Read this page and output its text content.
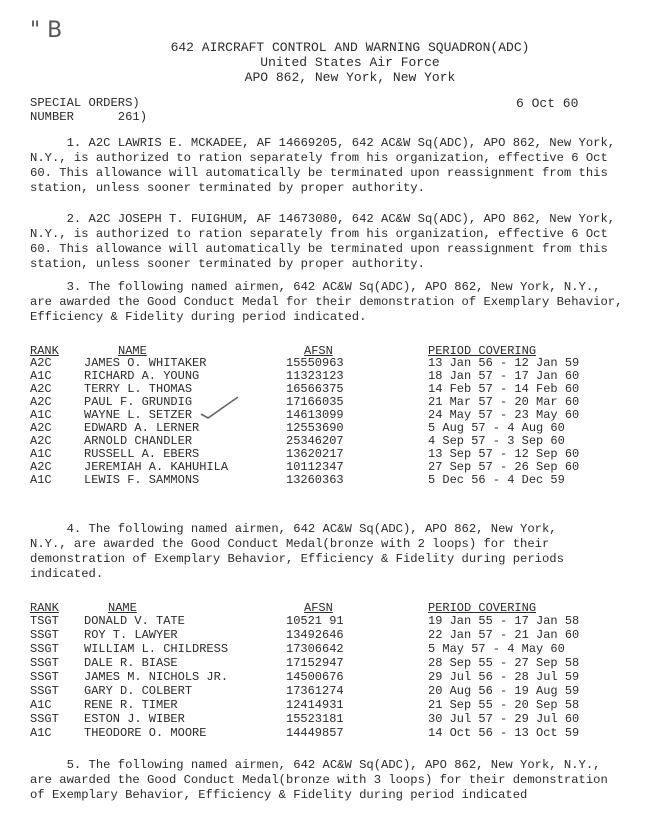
" B
642 AIRCRAFT CONTROL AND WARNING SQUADRON(ADC)
United States Air Force
APO 862, New York, New York
SPECIAL ORDERS)
NUMBER      261)
6 Oct 60
1. A2C LAWRIS E. MCKADEE, AF 14669205, 642 AC&W Sq(ADC), APO 862, New York,
N.Y., is authorized to ration separately from his organization, effective 6 Oct
60. This allowance will automatically be terminated upon reassignment from this
station, unless sooner terminated by proper authority.
2. A2C JOSEPH T. FUIGHUM, AF 14673080, 642 AC&W Sq(ADC), APO 862, New York,
N.Y., is authorized to ration separately from his organization, effective 6 Oct
60. This allowance will automatically be terminated upon reassignment from this
station, unless sooner terminated by proper authority.
3. The following named airmen, 642 AC&W Sq(ADC), APO 862, New York, N.Y.,
are awarded the Good Conduct Medal for their demonstration of Exemplary Behavior,
Efficiency & Fidelity during period indicated.
RANK	NAME	AFSN	PERIOD COVERING
A2C	JAMES O. WHITAKER	15550963	13 Jan 56 - 12 Jan 59
A1C	RICHARD A. YOUNG	11323123	18 Jan 57 - 17 Jan 60
A2C	TERRY L. THOMAS	16566375	14 Feb 57 - 14 Feb 60
A2C	PAUL F. GRUNDIG	17166035	21 Mar 57 - 20 Mar 60
A1C	WAYNE L. SETZER	14613099	24 May 57 - 23 May 60
A2C	EDWARD A. LERNER	12553690	5 Aug 57 - 4 Aug 60
A2C	ARNOLD CHANDLER	25346207	4 Sep 57 - 3 Sep 60
A1C	RUSSELL A. EBERS	13620217	13 Sep 57 - 12 Sep 60
A2C	JEREMIAH A. KAHUHILA	10112347	27 Sep 57 - 26 Sep 60
A1C	LEWIS F. SAMMONS	13260363	5 Dec 56 - 4 Dec 59
4. The following named airmen, 642 AC&W Sq(ADC), APO 862, New York,
N.Y., are awarded the Good Conduct Medal(bronze with 2 loops) for their
demonstration of Exemplary Behavior, Efficiency & Fidelity during periods
indicated.
RANK	NAME	AFSN	PERIOD COVERING
TSGT DONALD V. TATE	10521 91	19 Jan 55 - 17 Jan 58
SSGT ROY T. LAWYER	13492646	22 Jan 57 - 21 Jan 60
SSGT WILLIAM L. CHILDRESS	17306642	5 May 57 - 4 May 60
SSGT DALE R. BIASE	17152947	28 Sep 55 - 27 Sep 58
SSGT JAMES M. NICHOLS JR.	14500676	29 Jul 56 - 28 Jul 59
SSGT GARY D. COLBERT	17361274	20 Aug 56 - 19 Aug 59
A1C	RENE R. TIMER	12414931	21 Sep 55 - 20 Sep 58
SSGT ESTON J. WIBER	15523181	30 Jul 57 - 29 Jul 60
A1C	THEODORE O. MOORE	14449857	14 Oct 56 - 13 Oct 59
5. The following named airmen, 642 AC&W Sq(ADC), APO 862, New York, N.Y.,
are awarded the Good Conduct Medal(bronze with 3 loops) for their demonstration
of Exemplary Behavior, Efficiency & Fidelity during period indicated
